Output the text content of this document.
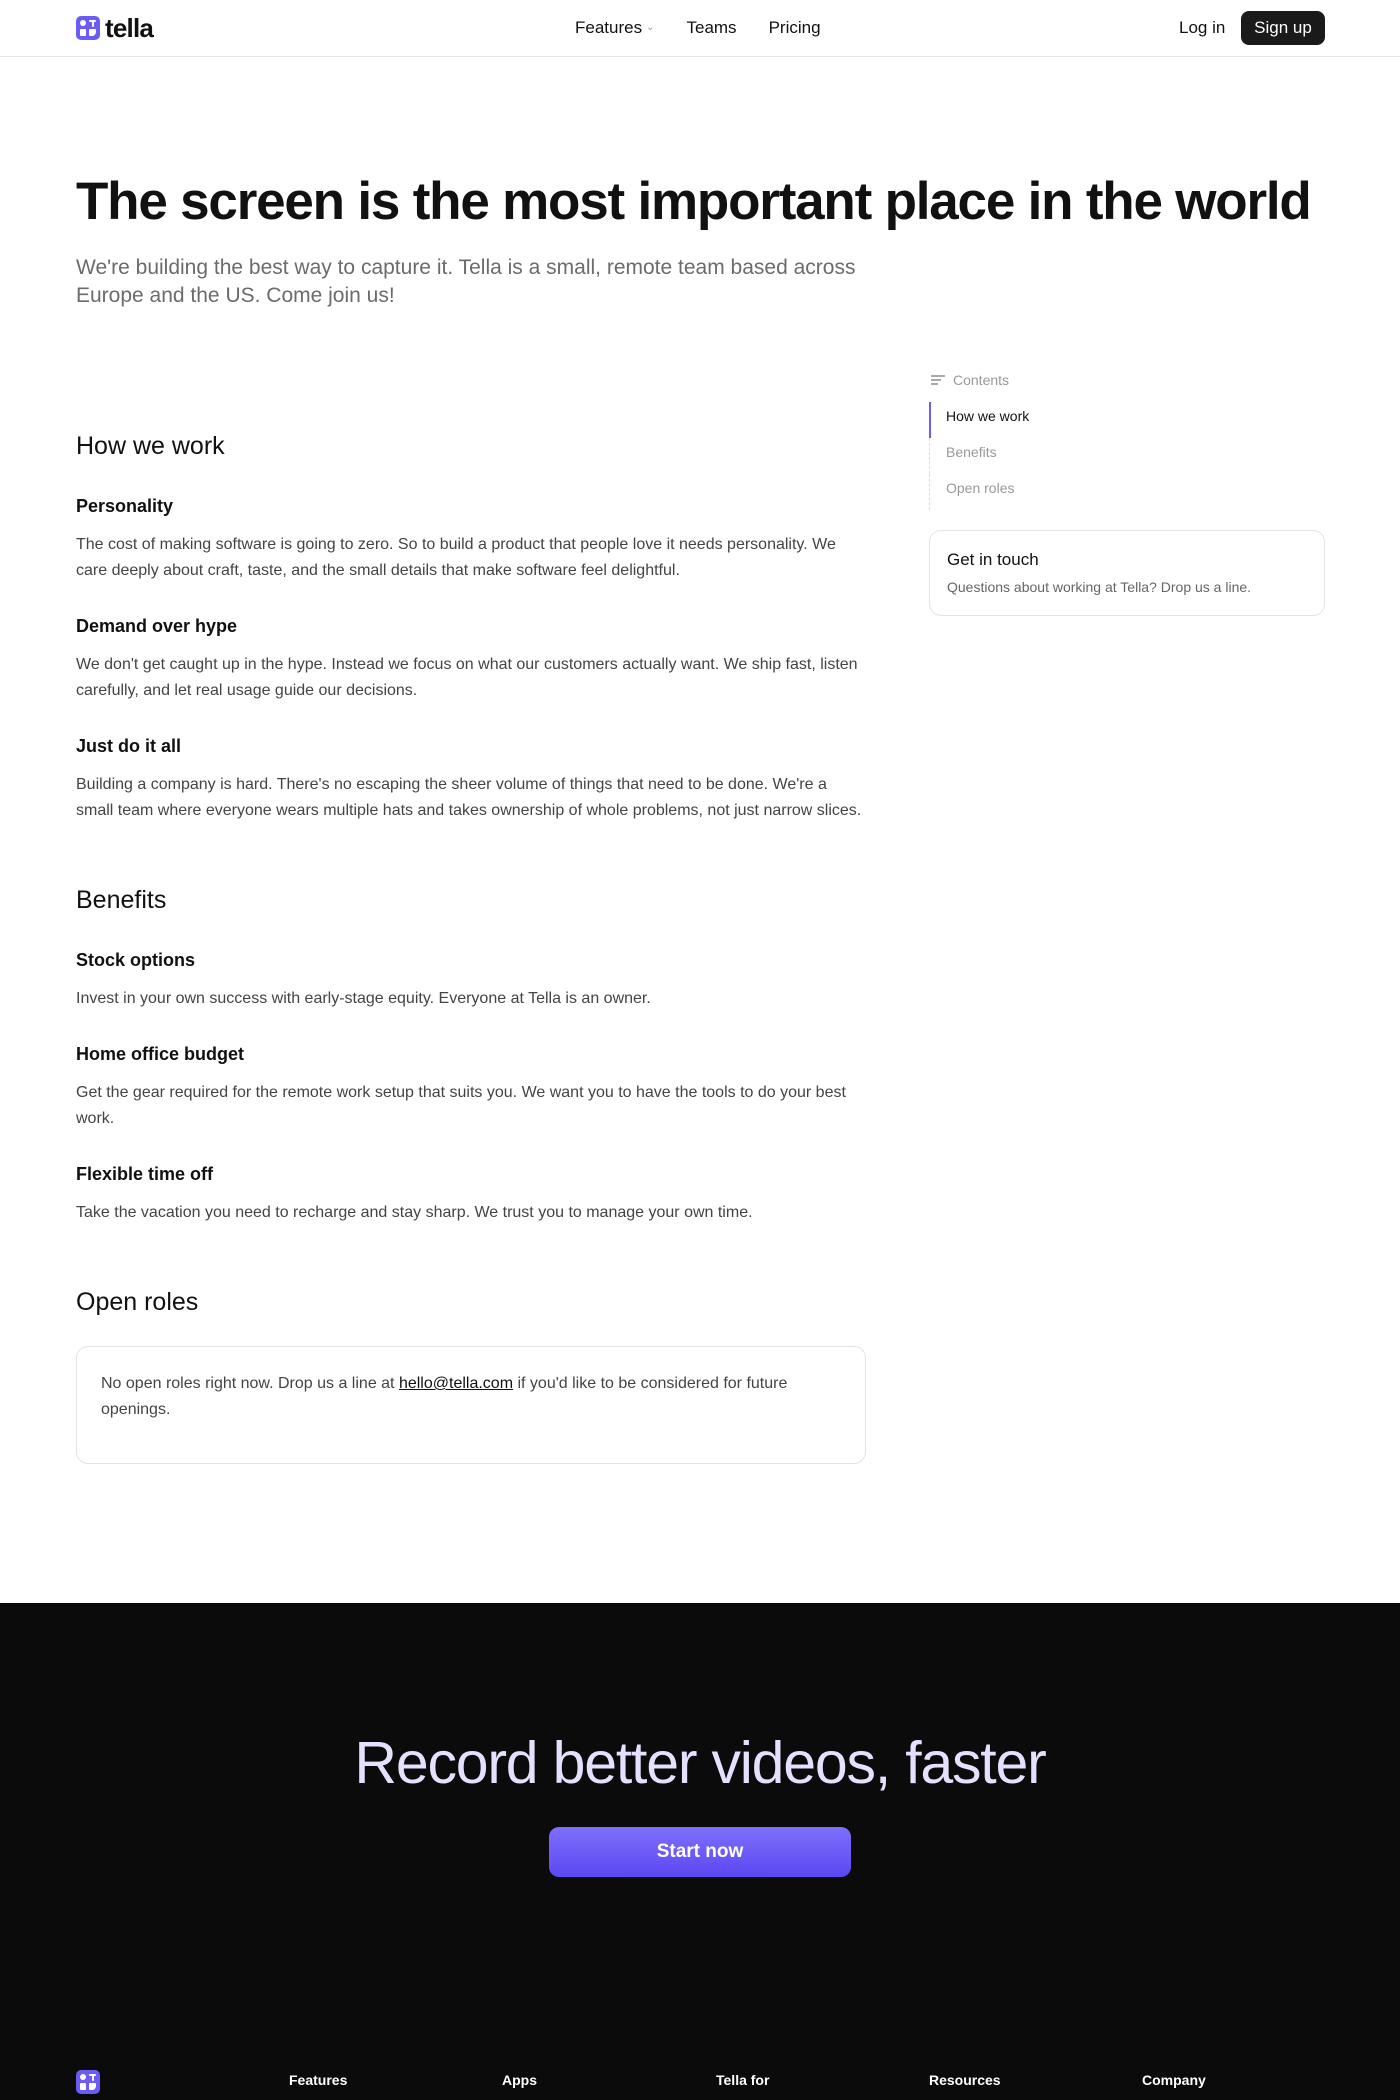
tella	Features ⌄ Teams Pricing	Log in	Sign up
The screen is the most important place in the world

We're building the best way to capture it. Tella is a small, remote team based across Europe and the US. Come join us!

How we work
Personality

The cost of making software is going to zero. So to build a product that people love it needs personality. We care deeply about craft, taste, and the small details that make software feel delightful.

Demand over hype

We don't get caught up in the hype. Instead we focus on what our customers actually want. We ship fast, listen carefully, and let real usage guide our decisions.

Just do it all

Building a company is hard. There's no escaping the sheer volume of things that need to be done. We're a small team where everyone wears multiple hats and takes ownership of whole problems, not just narrow slices.

Benefits
Stock options

Invest in your own success with early-stage equity. Everyone at Tella is an owner.

Home office budget

Get the gear required for the remote work setup that suits you. We want you to have the tools to do your best work.

Flexible time off

Take the vacation you need to recharge and stay sharp. We trust you to manage your own time.

Open roles

No open roles right now. Drop us a line at hello@tella.com if you'd like to be considered for future openings.

Contents
How we work
Benefits
Open roles
Get in touch
Questions about working at Tella? Drop us a line.
Record better videos, faster
Start now
Features	Apps	Tella for	Resources	Company
